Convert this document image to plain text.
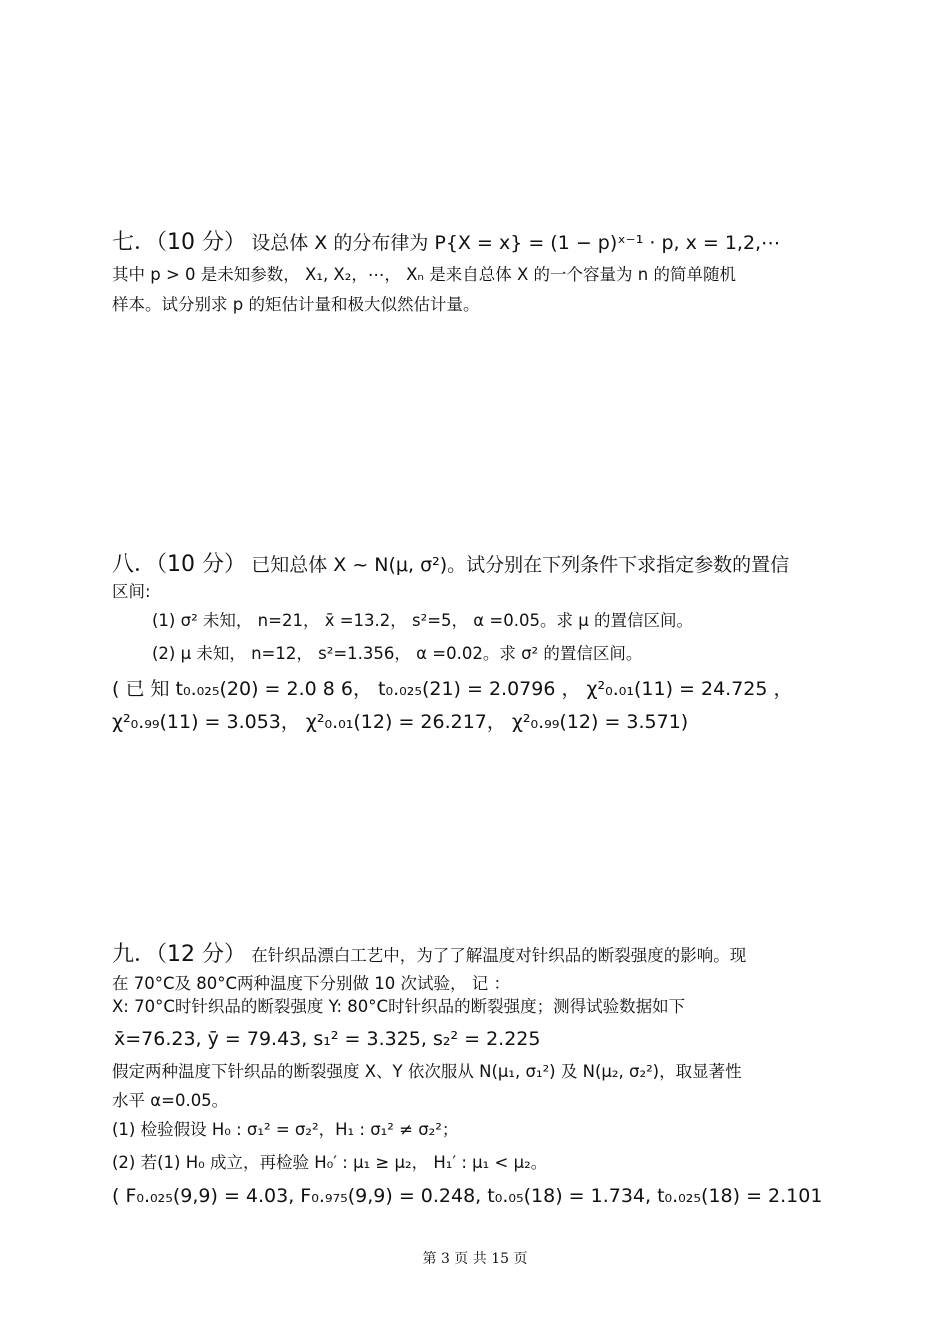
七．（10 分） 设总体 X 的分布律为 P{X = x} = (1 − p)ˣ⁻¹ · p, x = 1,2,⋯
其中 p > 0 是未知参数， X₁, X₂，⋯， Xₙ 是来自总体 X 的一个容量为 n 的简单随机
样本。试分别求 p 的矩估计量和极大似然估计量。
八．（10 分） 已知总体 X ~ N(μ, σ²)。试分别在下列条件下求指定参数的置信
区间:
(1) σ² 未知， n=21， x̄ =13.2， s²=5， α =0.05。求 μ 的置信区间。
(2) μ 未知， n=12， s²=1.356， α =0.02。求 σ² 的置信区间。
( 已 知 t₀.₀₂₅(20) = 2.0 8 6， t₀.₀₂₅(21) = 2.0796 ， χ²₀.₀₁(11) = 24.725 ，
χ²₀.₉₉(11) = 3.053， χ²₀.₀₁(12) = 26.217， χ²₀.₉₉(12) = 3.571)
九．（12 分） 在针织品漂白工艺中，为了了解温度对针织品的断裂强度的影响。现
在 70°C及 80°C两种温度下分别做 10 次试验， 记 ：
X: 70°C时针织品的断裂强度 Y: 80°C时针织品的断裂强度；测得试验数据如下
x̄=76.23, ȳ = 79.43, s₁² = 3.325, s₂² = 2.225
假定两种温度下针织品的断裂强度 X、Y 依次服从 N(μ₁, σ₁²) 及 N(μ₂, σ₂²)，取显著性
水平 α=0.05。
(1) 检验假设 H₀ : σ₁² = σ₂²，H₁ : σ₁² ≠ σ₂²；
(2) 若(1) H₀ 成立，再检验 H₀′ : μ₁ ≥ μ₂， H₁′ : μ₁ < μ₂。
( F₀.₀₂₅(9,9) = 4.03, F₀.₉₇₅(9,9) = 0.248, t₀.₀₅(18) = 1.734, t₀.₀₂₅(18) = 2.101
第 3 页 共 15 页
